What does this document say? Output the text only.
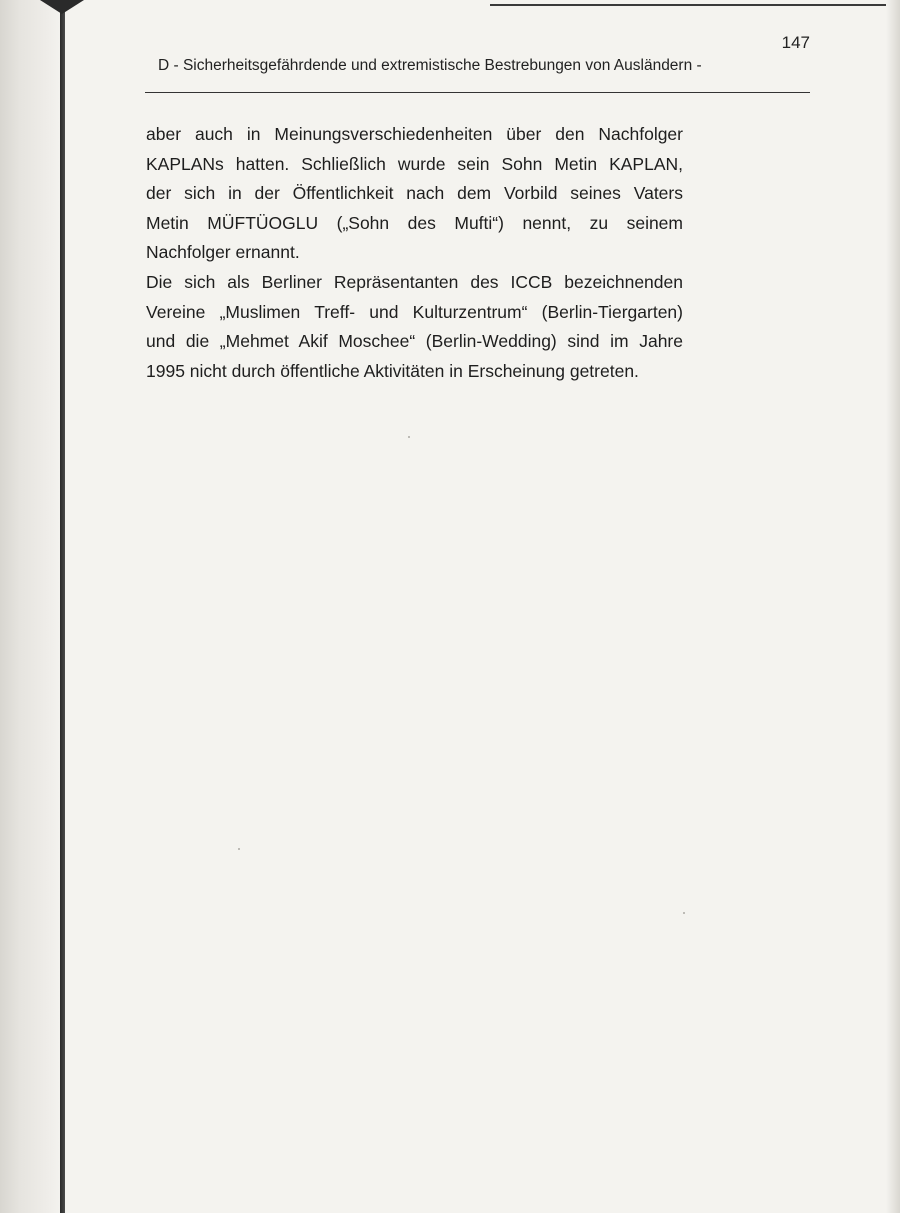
147
D - Sicherheitsgefährdende und extremistische Bestrebungen von Ausländern -
aber auch in Meinungsverschiedenheiten über den Nachfolger
KAPLANs hatten. Schließlich wurde sein Sohn Metin KAPLAN,
der sich in der Öffentlichkeit nach dem Vorbild seines Vaters
Metin MÜFTÜOGLU („Sohn des Mufti“) nennt, zu seinem
Nachfolger ernannt.
Die sich als Berliner Repräsentanten des ICCB bezeichnenden
Vereine „Muslimen Treff- und Kulturzentrum“ (Berlin-Tiergarten)
und die „Mehmet Akif Moschee“ (Berlin-Wedding) sind im Jahre
1995 nicht durch öffentliche Aktivitäten in Erscheinung getreten.
